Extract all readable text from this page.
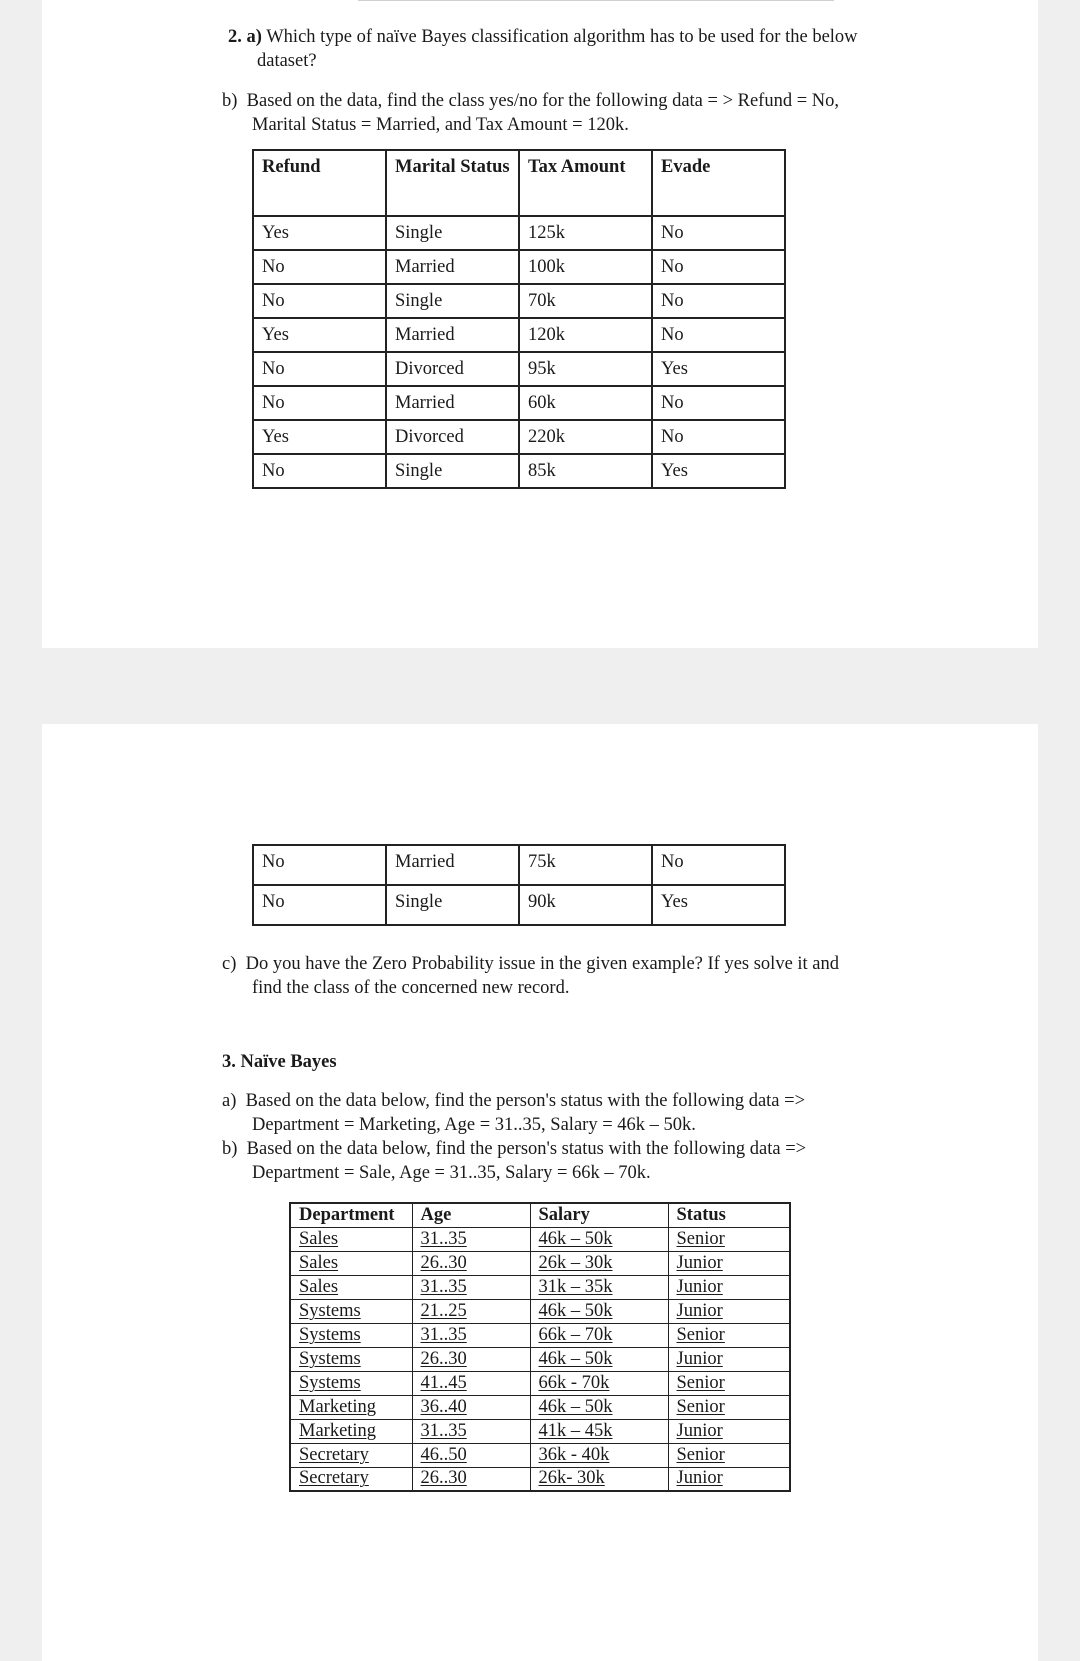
2. a) Which type of naïve Bayes classification algorithm has to be used for the below

dataset?

b) Based on the data, find the class yes/no for the following data = > Refund = No,

Marital Status = Married, and Tax Amount = 120k.

Refund	Marital Status	Tax Amount	Evade
Yes	Single	125k	No
No	Married	100k	No
No	Single	70k	No
Yes	Married	120k	No
No	Divorced	95k	Yes
No	Married	60k	No
Yes	Divorced	220k	No
No	Single	85k	Yes
No	Married	75k	No
No	Single	90k	Yes

c) Do you have the Zero Probability issue in the given example? If yes solve it and

find the class of the concerned new record.

3. Naïve Bayes

a) Based on the data below, find the person's status with the following data =>

Department = Marketing, Age = 31..35, Salary = 46k – 50k.

b) Based on the data below, find the person's status with the following data =>

Department = Sale, Age = 31..35, Salary = 66k – 70k.

Department	Age	Salary	Status
Sales	31..35	46k – 50k	Senior
Sales	26..30	26k – 30k	Junior
Sales	31..35	31k – 35k	Junior
Systems	21..25	46k – 50k	Junior
Systems	31..35	66k – 70k	Senior
Systems	26..30	46k – 50k	Junior
Systems	41..45	66k - 70k	Senior
Marketing	36..40	46k – 50k	Senior
Marketing	31..35	41k – 45k	Junior
Secretary	46..50	36k - 40k	Senior
Secretary	26..30	26k- 30k	Junior
